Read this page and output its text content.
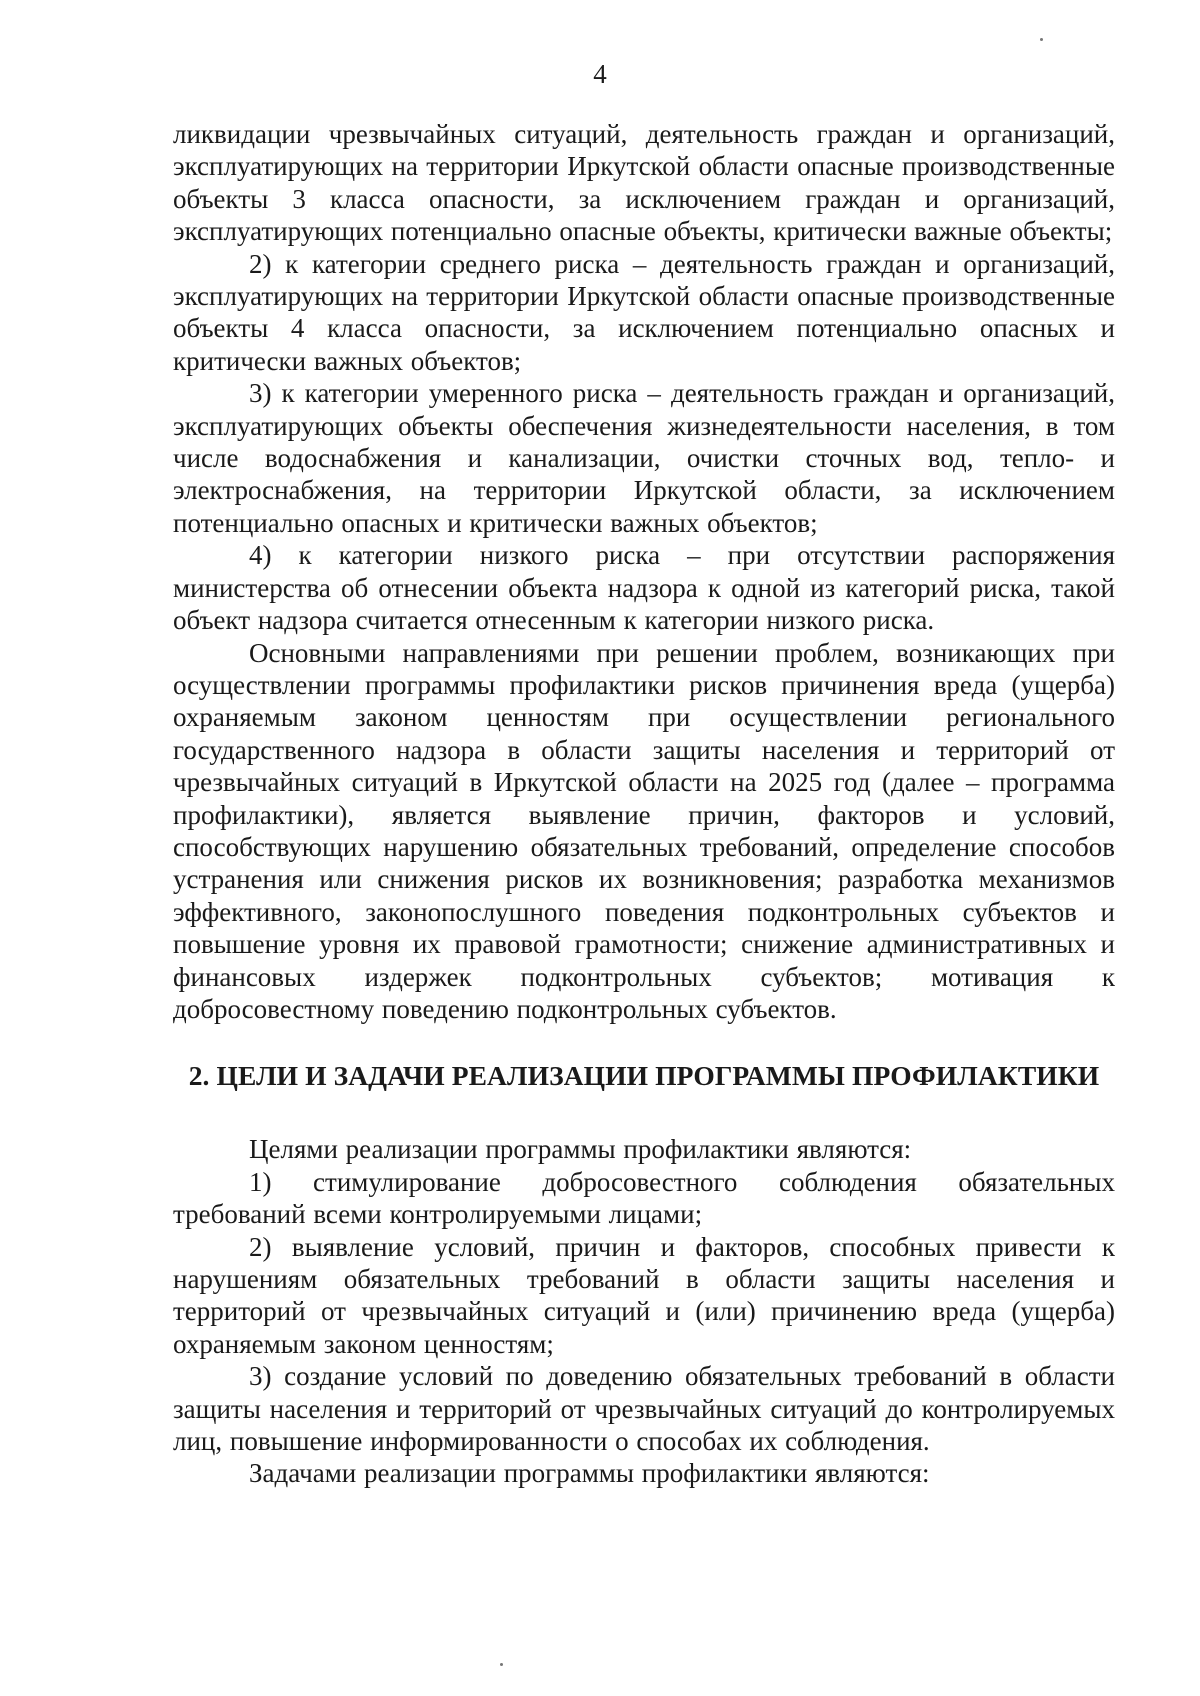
4

ликвидации чрезвычайных ситуаций, деятельность граждан и организаций, эксплуатирующих на территории Иркутской области опасные производственные объекты 3 класса опасности, за исключением граждан и организаций, эксплуатирующих потенциально опасные объекты, критически важные объекты;

2) к категории среднего риска – деятельность граждан и организаций, эксплуатирующих на территории Иркутской области опасные производственные объекты 4 класса опасности, за исключением потенциально опасных и критически важных объектов;

3) к категории умеренного риска – деятельность граждан и организаций, эксплуатирующих объекты обеспечения жизнедеятельности населения, в том числе водоснабжения и канализации, очистки сточных вод, тепло- и электроснабжения, на территории Иркутской области, за исключением потенциально опасных и критически важных объектов;

4) к категории низкого риска – при отсутствии распоряжения министерства об отнесении объекта надзора к одной из категорий риска, такой объект надзора считается отнесенным к категории низкого риска.

Основными направлениями при решении проблем, возникающих при осуществлении программы профилактики рисков причинения вреда (ущерба) охраняемым законом ценностям при осуществлении регионального государственного надзора в области защиты населения и территорий от чрезвычайных ситуаций в Иркутской области на 2025 год (далее – программа профилактики), является выявление причин, факторов и условий, способствующих нарушению обязательных требований, определение способов устранения или снижения рисков их возникновения; разработка механизмов эффективного, законопослушного поведения подконтрольных субъектов и повышение уровня их правовой грамотности; снижение административных и финансовых издержек подконтрольных субъектов; мотивация к добросовестному поведению подконтрольных субъектов.

2. ЦЕЛИ И ЗАДАЧИ РЕАЛИЗАЦИИ ПРОГРАММЫ ПРОФИЛАКТИКИ

Целями реализации программы профилактики являются:

1) стимулирование добросовестного соблюдения обязательных требований всеми контролируемыми лицами;

2) выявление условий, причин и факторов, способных привести к нарушениям обязательных требований в области защиты населения и территорий от чрезвычайных ситуаций и (или) причинению вреда (ущерба) охраняемым законом ценностям;

3) создание условий по доведению обязательных требований в области защиты населения и территорий от чрезвычайных ситуаций до контролируемых лиц, повышение информированности о способах их соблюдения.

Задачами реализации программы профилактики являются:
